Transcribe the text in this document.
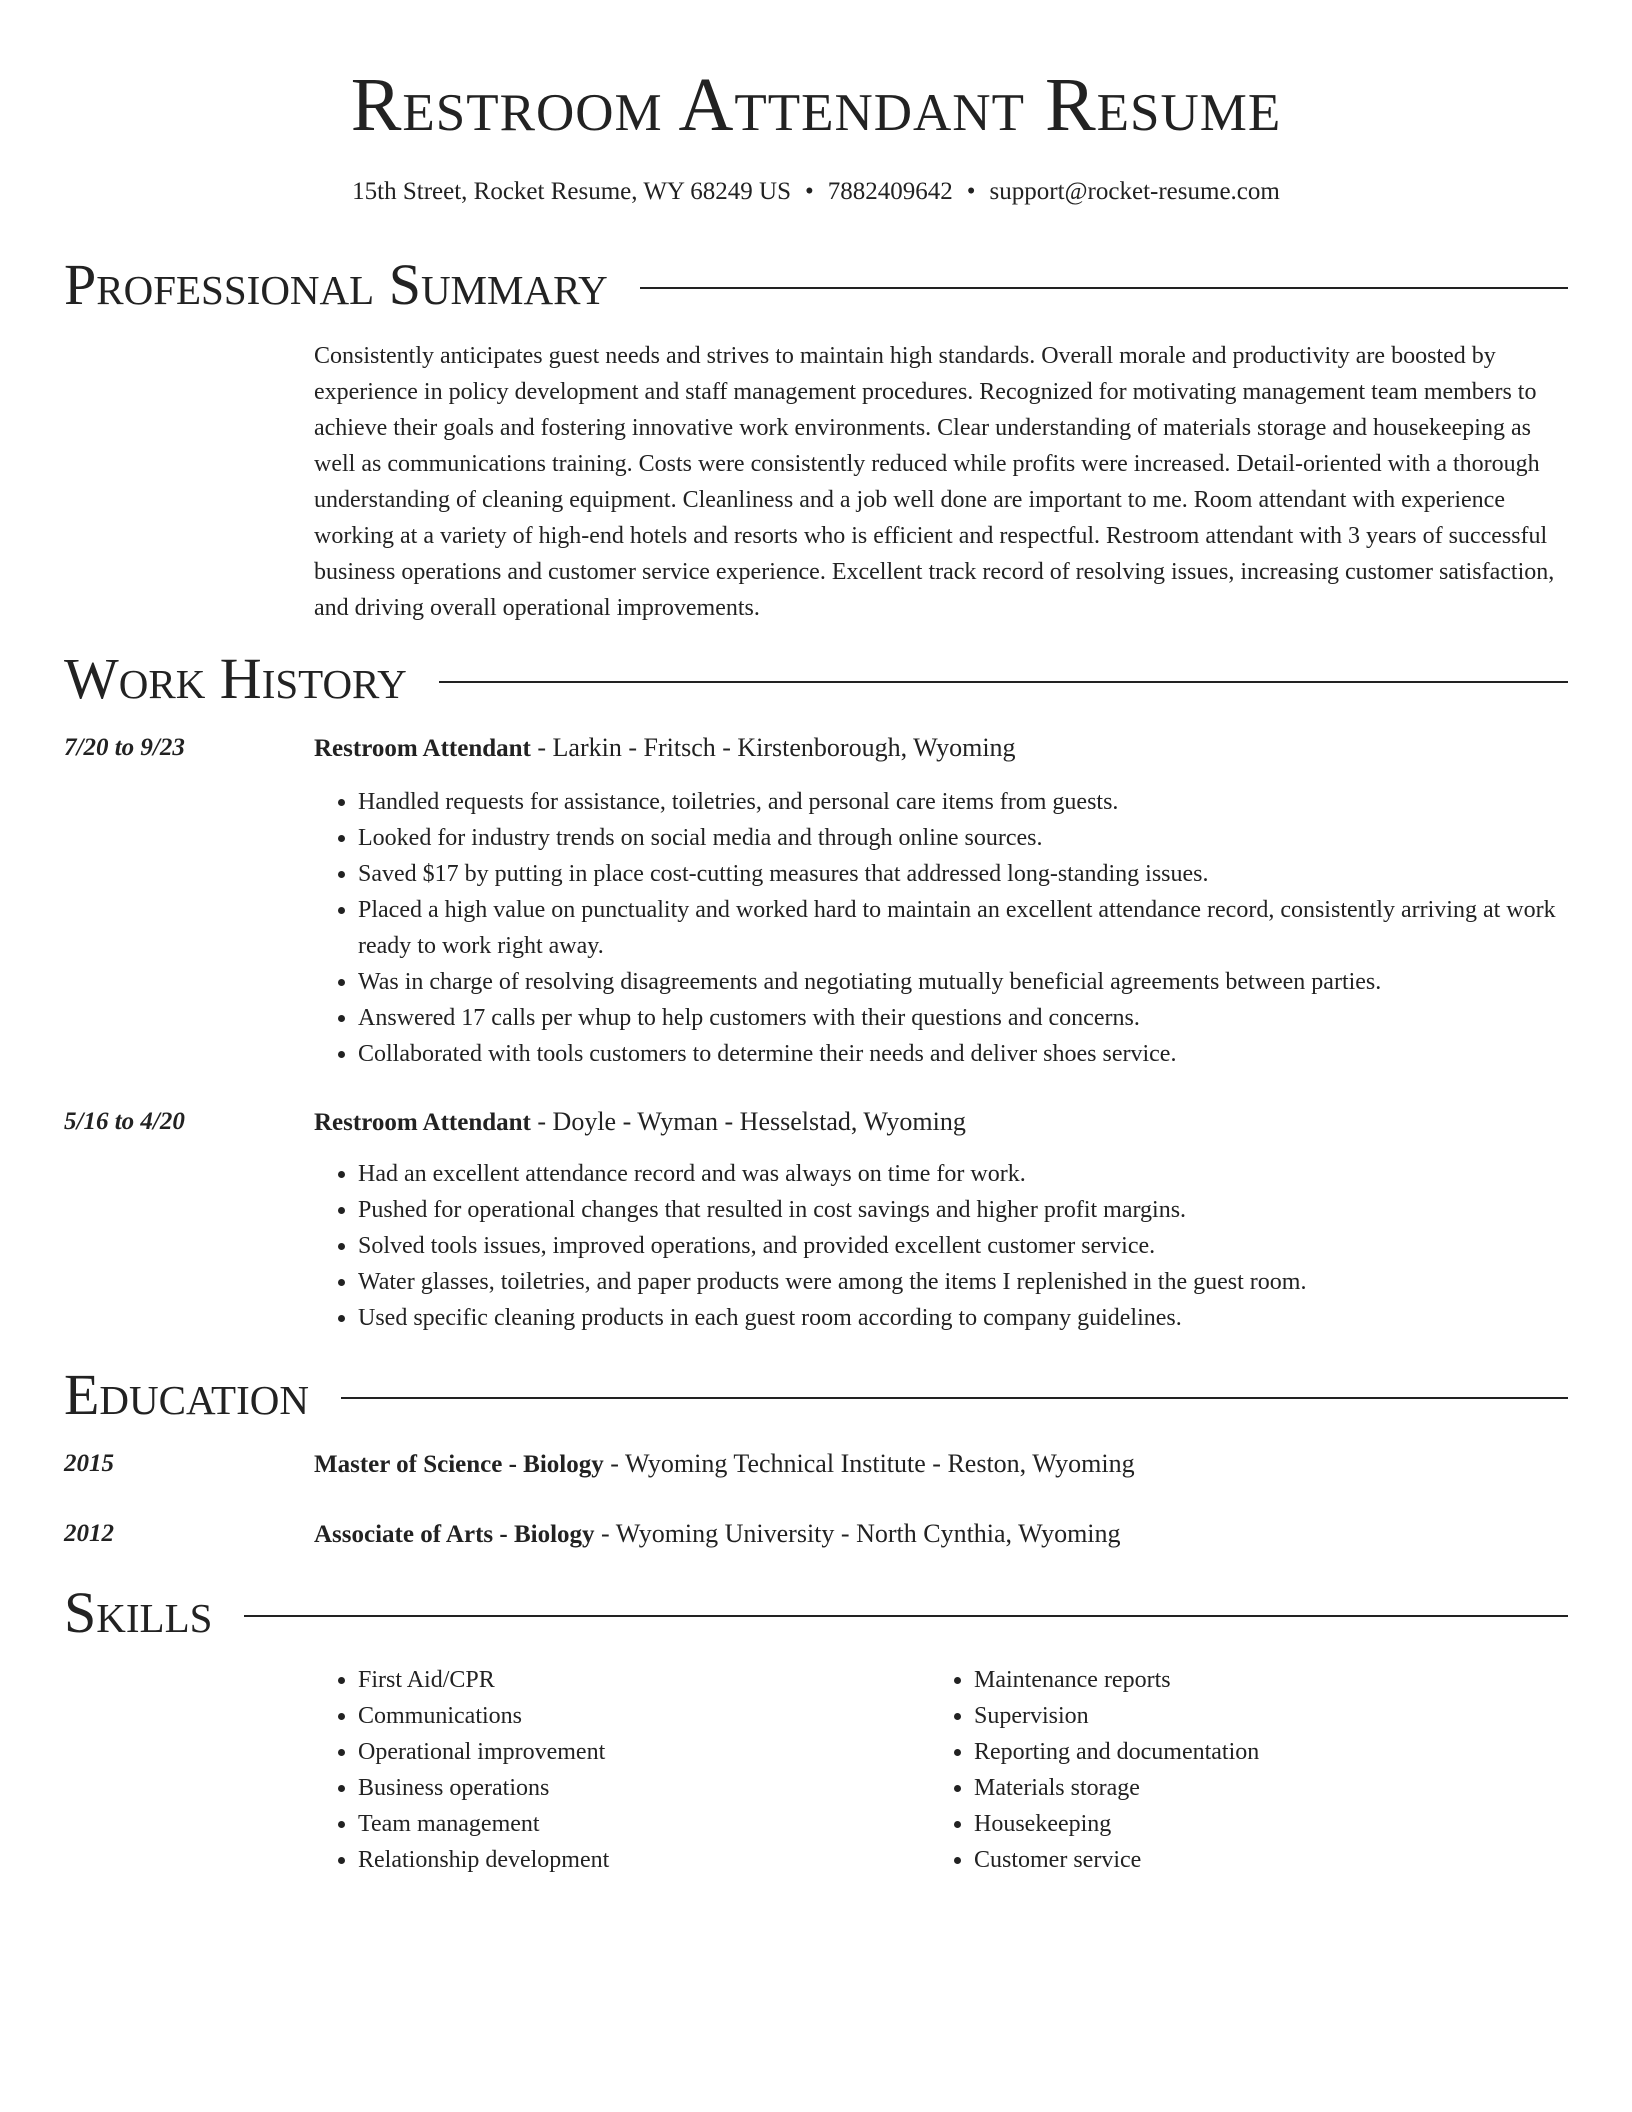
Restroom Attendant Resume
15th Street, Rocket Resume, WY 68249 US • 7882409642 • support@rocket-resume.com
Professional Summary

Consistently anticipates guest needs and strives to maintain high standards. Overall morale and productivity are boosted by experience in policy development and staff management procedures. Recognized for motivating management team members to achieve their goals and fostering innovative work environments. Clear understanding of materials storage and housekeeping as well as communications training. Costs were consistently reduced while profits were increased. Detail-oriented with a thorough understanding of cleaning equipment. Cleanliness and a job well done are important to me. Room attendant with experience working at a variety of high-end hotels and resorts who is efficient and respectful. Restroom attendant with 3 years of successful business operations and customer service experience. Excellent track record of resolving issues, increasing customer satisfaction, and driving overall operational improvements.

Work History
7/20 to 9/23	Restroom Attendant - Larkin - Fritsch - Kirstenborough, Wyoming
• Handled requests for assistance, toiletries, and personal care items from guests.
• Looked for industry trends on social media and through online sources.
• Saved $17 by putting in place cost-cutting measures that addressed long-standing issues.
• Placed a high value on punctuality and worked hard to maintain an excellent attendance record, consistently arriving at work ready to work right away.
• Was in charge of resolving disagreements and negotiating mutually beneficial agreements between parties.
• Answered 17 calls per whup to help customers with their questions and concerns.
• Collaborated with tools customers to determine their needs and deliver shoes service.
5/16 to 4/20	Restroom Attendant - Doyle - Wyman - Hesselstad, Wyoming
• Had an excellent attendance record and was always on time for work.
• Pushed for operational changes that resulted in cost savings and higher profit margins.
• Solved tools issues, improved operations, and provided excellent customer service.
• Water glasses, toiletries, and paper products were among the items I replenished in the guest room.
• Used specific cleaning products in each guest room according to company guidelines.
Education
2015	Master of Science - Biology - Wyoming Technical Institute - Reston, Wyoming
2012	Associate of Arts - Biology - Wyoming University - North Cynthia, Wyoming
Skills
• First Aid/CPR
• Communications
• Operational improvement
• Business operations
• Team management
• Relationship development
• Maintenance reports
• Supervision
• Reporting and documentation
• Materials storage
• Housekeeping
• Customer service
